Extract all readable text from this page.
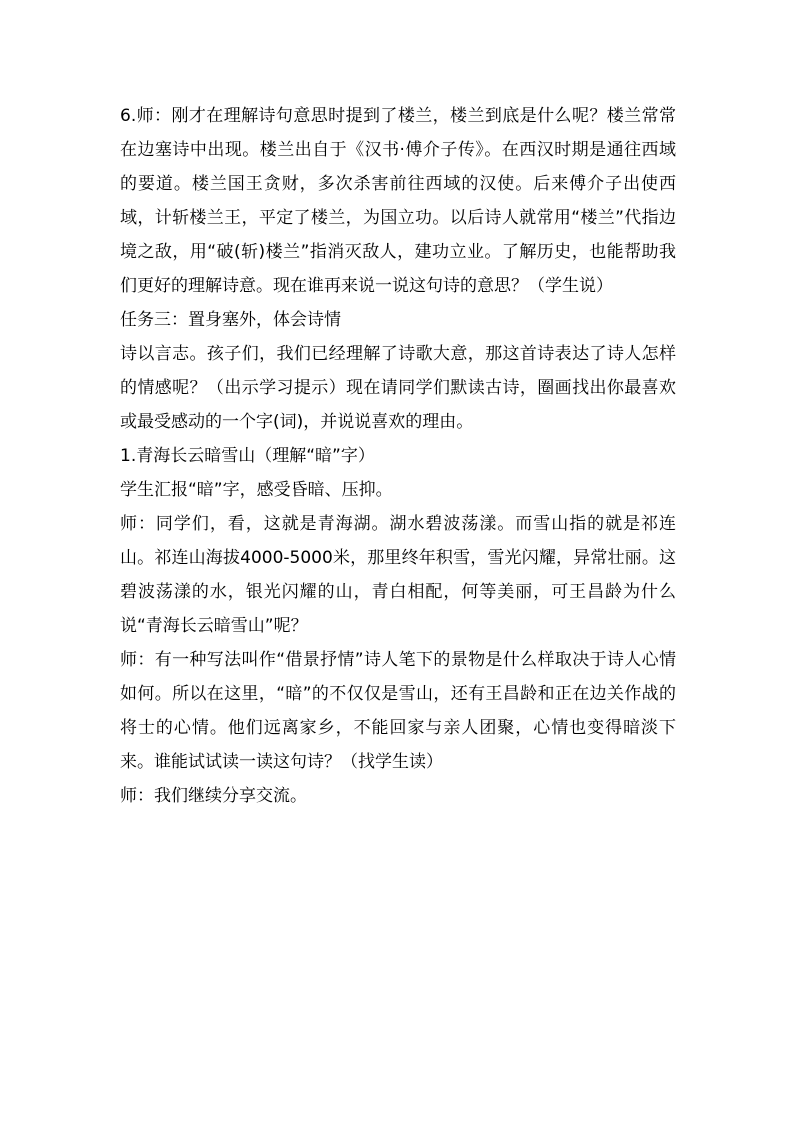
6.师：刚才在理解诗句意思时提到了楼兰，楼兰到底是什么呢？楼兰常常在边塞诗中出现。楼兰出自于《汉书·傅介子传》。在西汉时期是通往西域的要道。楼兰国王贪财，多次杀害前往西域的汉使。后来傅介子出使西域，计斩楼兰王，平定了楼兰，为国立功。以后诗人就常用“楼兰”代指边境之敌，用“破(斩)楼兰”指消灭敌人，建功立业。了解历史，也能帮助我们更好的理解诗意。现在谁再来说一说这句诗的意思？（学生说）

任务三：置身塞外，体会诗情

诗以言志。孩子们，我们已经理解了诗歌大意，那这首诗表达了诗人怎样的情感呢？（出示学习提示）现在请同学们默读古诗，圈画找出你最喜欢或最受感动的一个字(词)，并说说喜欢的理由。

1.青海长云暗雪山（理解“暗”字）

学生汇报“暗”字，感受昏暗、压抑。

师：同学们，看，这就是青海湖。湖水碧波荡漾。而雪山指的就是祁连山。祁连山海拔4000-5000米，那里终年积雪，雪光闪耀，异常壮丽。这碧波荡漾的水，银光闪耀的山，青白相配，何等美丽，可王昌龄为什么说“青海长云暗雪山”呢？

师：有一种写法叫作“借景抒情”诗人笔下的景物是什么样取决于诗人心情如何。所以在这里，“暗”的不仅仅是雪山，还有王昌龄和正在边关作战的将士的心情。他们远离家乡，不能回家与亲人团聚，心情也变得暗淡下来。谁能试试读一读这句诗？（找学生读）

师：我们继续分享交流。
